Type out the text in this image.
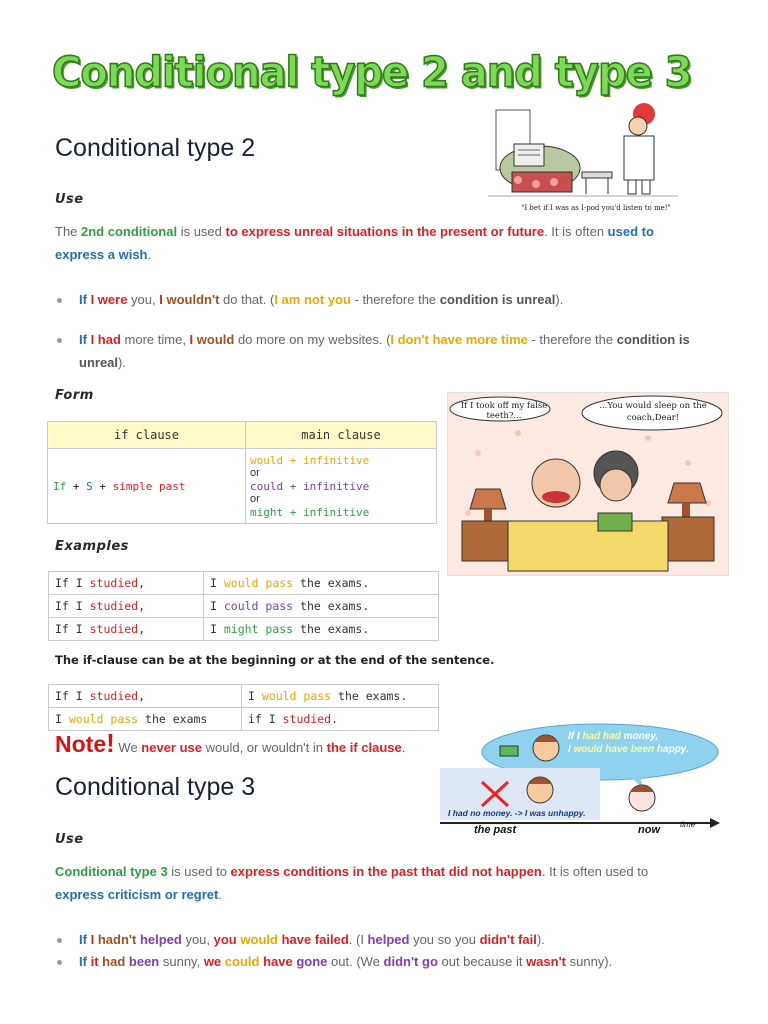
Conditional type 2 and type 3
Conditional type 2
"I bet if I was as I-pod you'd listen to me!"
Use
The 2nd conditional is used to express unreal situations in the present or future. It is often used to
express a wish.
If I were you, I wouldn't do that. (I am not you - therefore the condition is unreal).
If I had more time, I would do more on my websites. (I don't have more time - therefore the condition is
unreal).
Form
if clause	main clause
If + S + simple past	would + infinitive
or
could + infinitive
or
might + infinitive
If I took off my false teeth?...
...You would sleep on the coach,Dear!
Examples
If I studied,	I would pass the exams.
If I studied,	I could pass the exams.
If I studied,	I might pass the exams.
The if-clause can be at the beginning or at the end of the sentence.
If I studied,	I would pass the exams.
I would pass the exams	if I studied.
Note! We never use would, or wouldn't in the if clause.
Conditional type 3
If I had had money,
I would have been happy.
I had no money. -> I was unhappy.
the past	now	time
Use
Conditional type 3 is used to express conditions in the past that did not happen. It is often used to
express criticism or regret.
If I hadn't helped you, you would have failed. (I helped you so you didn't fail).
If it had been sunny, we could have gone out. (We didn't go out because it wasn't sunny).
